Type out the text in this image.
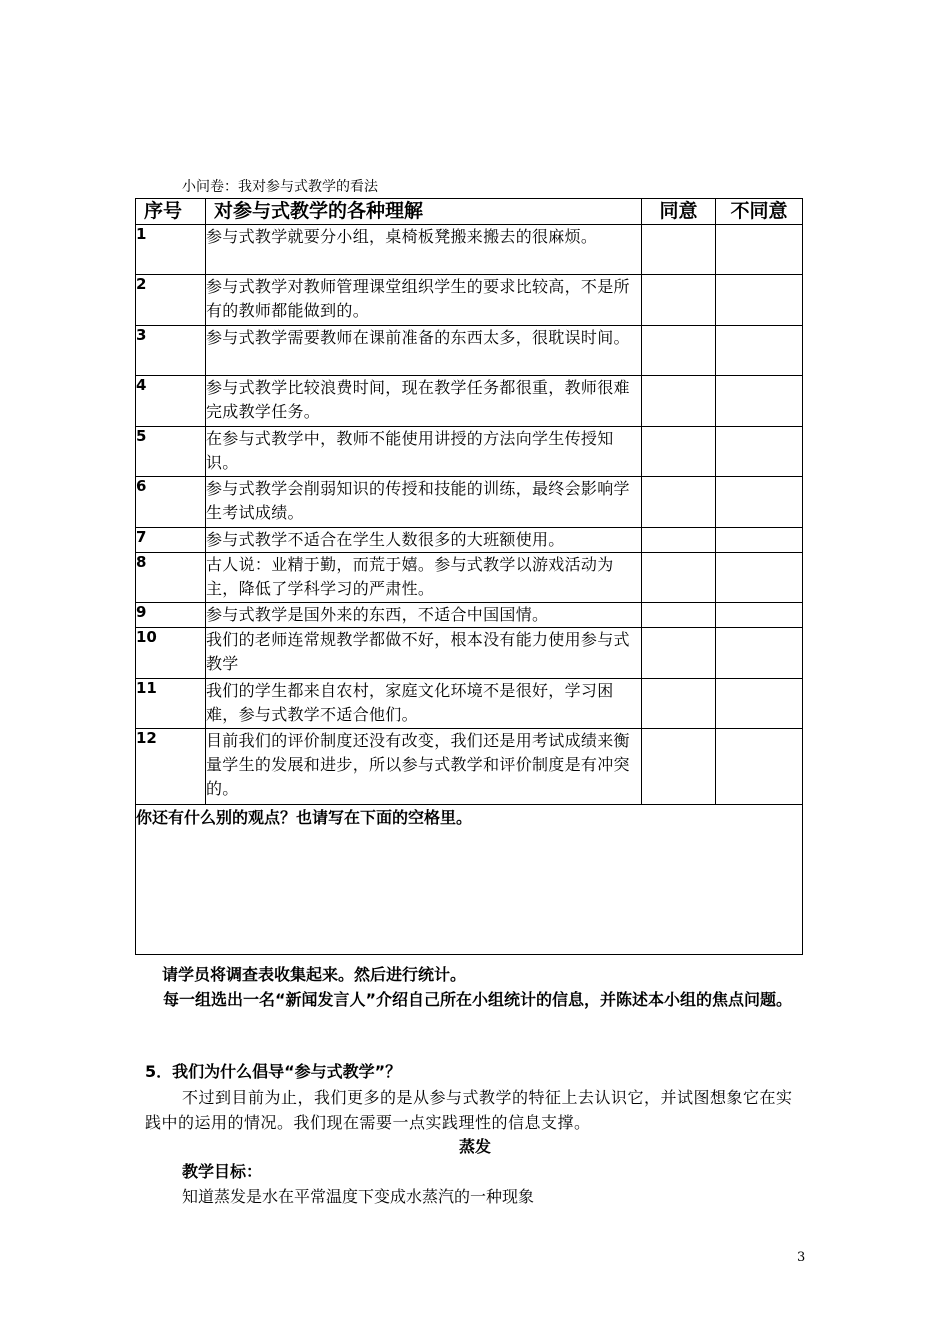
小问卷：我对参与式教学的看法
序号	对参与式教学的各种理解	同意	不同意
1	参与式教学就要分小组，桌椅板凳搬来搬去的很麻烦。		
2	参与式教学对教师管理课堂组织学生的要求比较高，不是所有的教师都能做到的。		
3	参与式教学需要教师在课前准备的东西太多，很耽误时间。		
4	参与式教学比较浪费时间，现在教学任务都很重，教师很难完成教学任务。		
5	在参与式教学中，教师不能使用讲授的方法向学生传授知识。		
6	参与式教学会削弱知识的传授和技能的训练，最终会影响学生考试成绩。		
7	参与式教学不适合在学生人数很多的大班额使用。		
8	古人说：业精于勤，而荒于嬉。参与式教学以游戏活动为主，降低了学科学习的严肃性。		
9	参与式教学是国外来的东西，不适合中国国情。		
10	我们的老师连常规教学都做不好，根本没有能力使用参与式教学		
11	我们的学生都来自农村，家庭文化环境不是很好，学习困难，参与式教学不适合他们。		
12	目前我们的评价制度还没有改变，我们还是用考试成绩来衡量学生的发展和进步，所以参与式教学和评价制度是有冲突的。		
你还有什么别的观点？也请写在下面的空格里。			
请学员将调查表收集起来。然后进行统计。
每一组选出一名“新闻发言人”介绍自己所在小组统计的信息，并陈述本小组的焦点问题。
5．我们为什么倡导“参与式教学”？
不过到目前为止，我们更多的是从参与式教学的特征上去认识它，并试图想象它在实践中的运用的情况。我们现在需要一点实践理性的信息支撑。
蒸发
教学目标：
知道蒸发是水在平常温度下变成水蒸汽的一种现象
3
